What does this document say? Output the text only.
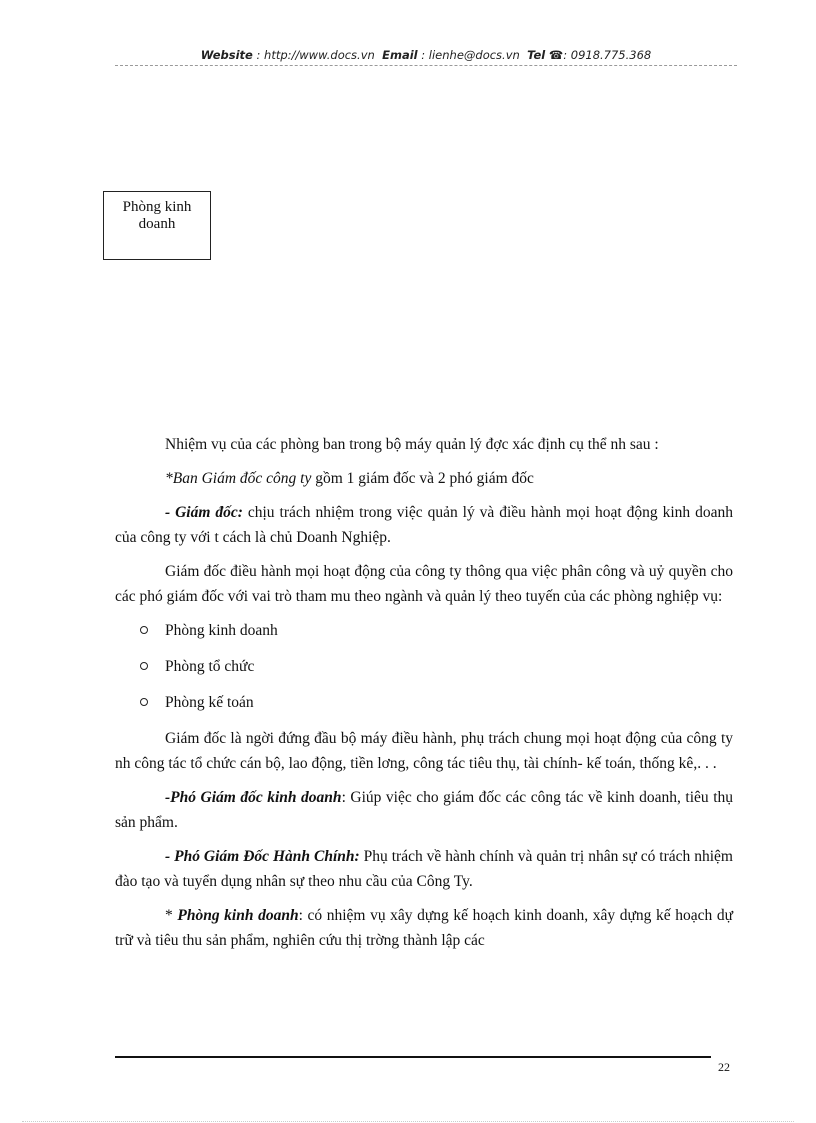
Website : http://www.docs.vn Email : lienhe@docs.vn Tel ☎: 0918.775.368
Phòng kinh
doanh

Nhiệm vụ của các phòng ban trong bộ máy quản lý đợc xác định cụ thể nh sau :

*Ban Giám đốc công ty gồm 1 giám đốc và 2 phó giám đốc

- Giám đốc: chịu trách nhiệm trong việc quản lý và điều hành mọi hoạt động kinh doanh của công ty với t cách là chủ Doanh Nghiệp.

Giám đốc điều hành mọi hoạt động của công ty thông qua việc phân công và uỷ quyền cho các phó giám đốc với vai trò tham mu theo ngành và quản lý theo tuyến của các phòng nghiệp vụ:

Phòng kinh doanh

Phòng tổ chức

Phòng kế toán

Giám đốc là ngời đứng đầu bộ máy điều hành, phụ trách chung mọi hoạt động của công ty nh công tác tổ chức cán bộ, lao động, tiền lơng, công tác tiêu thụ, tài chính- kế toán, thống kê,. . .

-Phó Giám đốc kinh doanh: Giúp việc cho giám đốc các công tác về kinh doanh, tiêu thụ sản phẩm.

- Phó Giám Đốc Hành Chính: Phụ trách về hành chính và quản trị nhân sự có trách nhiệm đào tạo và tuyển dụng nhân sự theo nhu cầu của Công Ty.

* Phòng kinh doanh: có nhiệm vụ xây dựng kế hoạch kinh doanh, xây dựng kế hoạch dự trữ và tiêu thu sản phẩm, nghiên cứu thị trờng thành lập các

22
